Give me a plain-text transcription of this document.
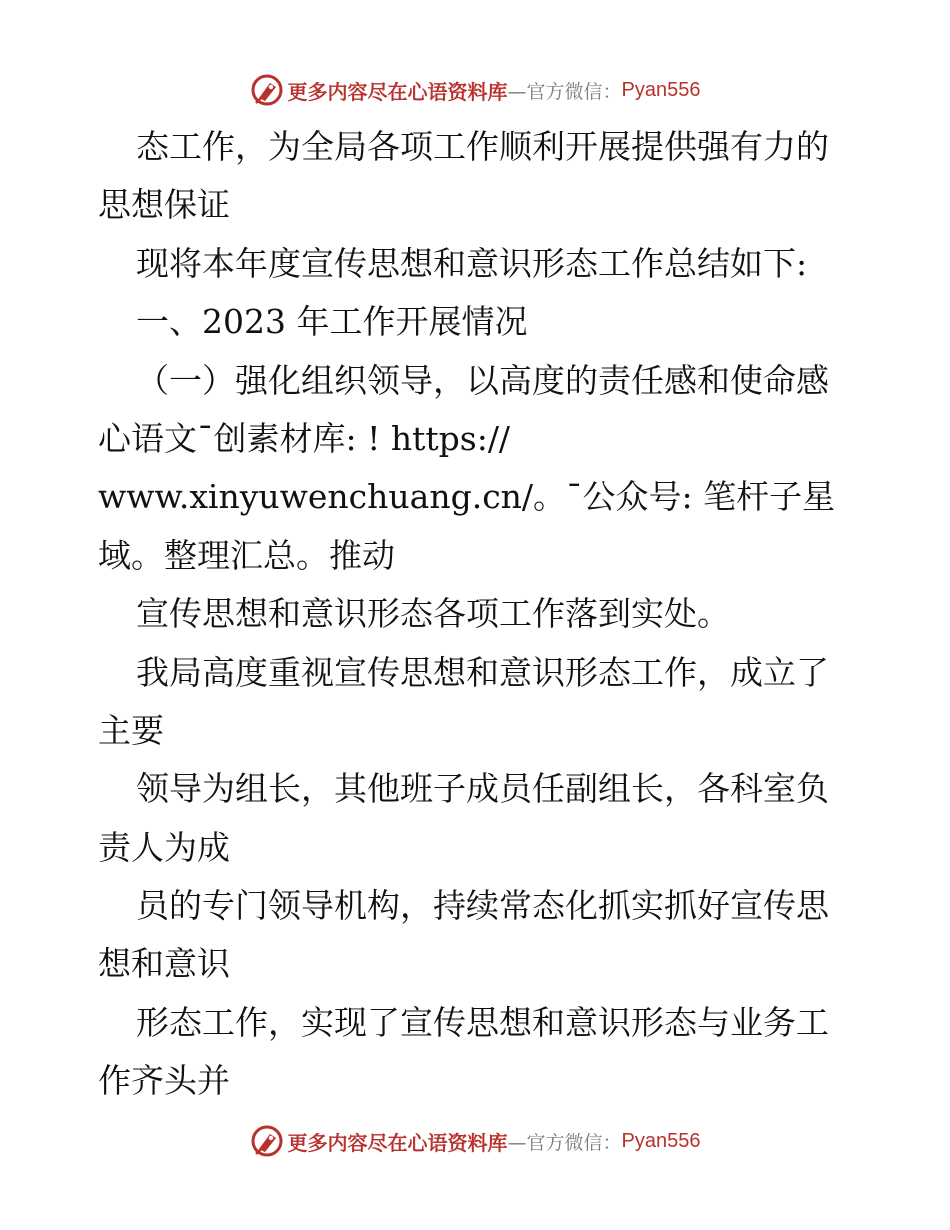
更多内容尽在心语资料库 —官方微信： Pyan556
态工作，为全局各项工作顺利开展提供强有力的
思想保证
现将本年度宣传思想和意识形态工作总结如下:
一、2023 年工作开展情况
（一）强化组织领导，以高度的责任感和使命感
心语文¯创素材库: ! https://
www.xinyuwenchuang.cn/。¯公众号: 笔杆子星
域。整理汇总。推动
宣传思想和意识形态各项工作落到实处。
我局高度重视宣传思想和意识形态工作，成立了
主要
领导为组长，其他班子成员任副组长，各科室负
责人为成
员的专门领导机构，持续常态化抓实抓好宣传思
想和意识
形态工作，实现了宣传思想和意识形态与业务工
作齐头并
更多内容尽在心语资料库 —官方微信： Pyan556
